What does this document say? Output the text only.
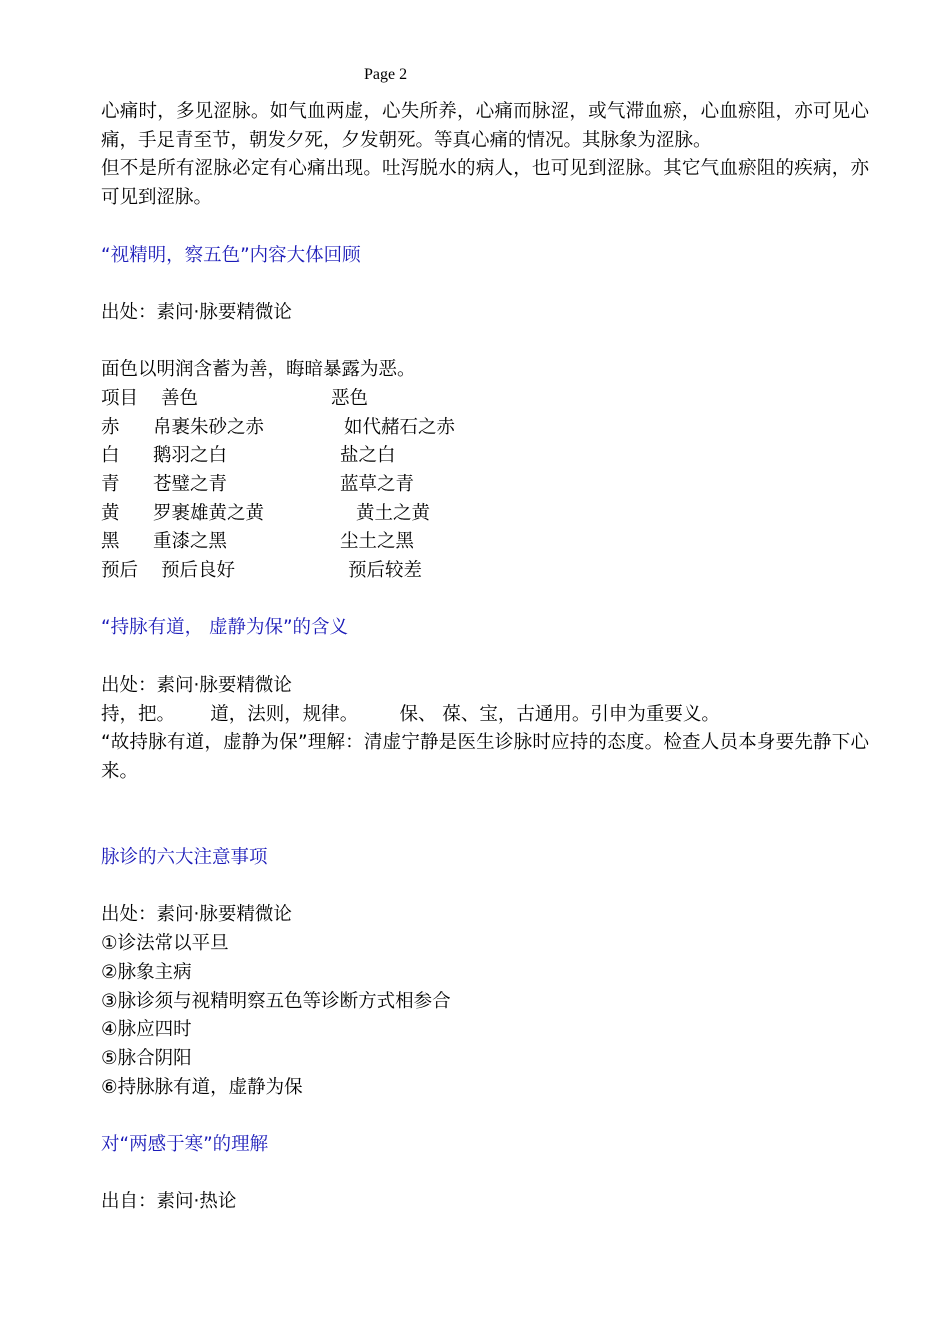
Page 2

心痛时，多见涩脉。如气血两虚，心失所养，心痛而脉涩，或气滞血瘀，心血瘀阻，亦可见心痛，手足青至节，朝发夕死，夕发朝死。等真心痛的情况。其脉象为涩脉。

但不是所有涩脉必定有心痛出现。吐泻脱水的病人，也可见到涩脉。其它气血瘀阻的疾病，亦可见到涩脉。

“视精明，察五色”内容大体回顾

出处：素问·脉要精微论

面色以明润含蓄为善，晦暗暴露为恶。

项目	善色	恶色
赤	帛裹朱砂之赤	如代赭石之赤
白	鹅羽之白	盐之白
青	苍璧之青	蓝草之青
黄	罗裹雄黄之黄	黄土之黄
黑	重漆之黑	尘土之黑
预后	预后良好	预后较差

“持脉有道， 虚静为保”的含义

出处：素问·脉要精微论

持，把。      道，法则，规律。       保、 葆、宝，古通用。引申为重要义。

“故持脉有道，虚静为保”理解：清虚宁静是医生诊脉时应持的态度。检查人员本身要先静下心来。

脉诊的六大注意事项

出处：素问·脉要精微论

①诊法常以平旦

②脉象主病

③脉诊须与视精明察五色等诊断方式相参合

④脉应四时

⑤脉合阴阳

⑥持脉脉有道，虚静为保

对“两感于寒”的理解

出自：素问·热论
